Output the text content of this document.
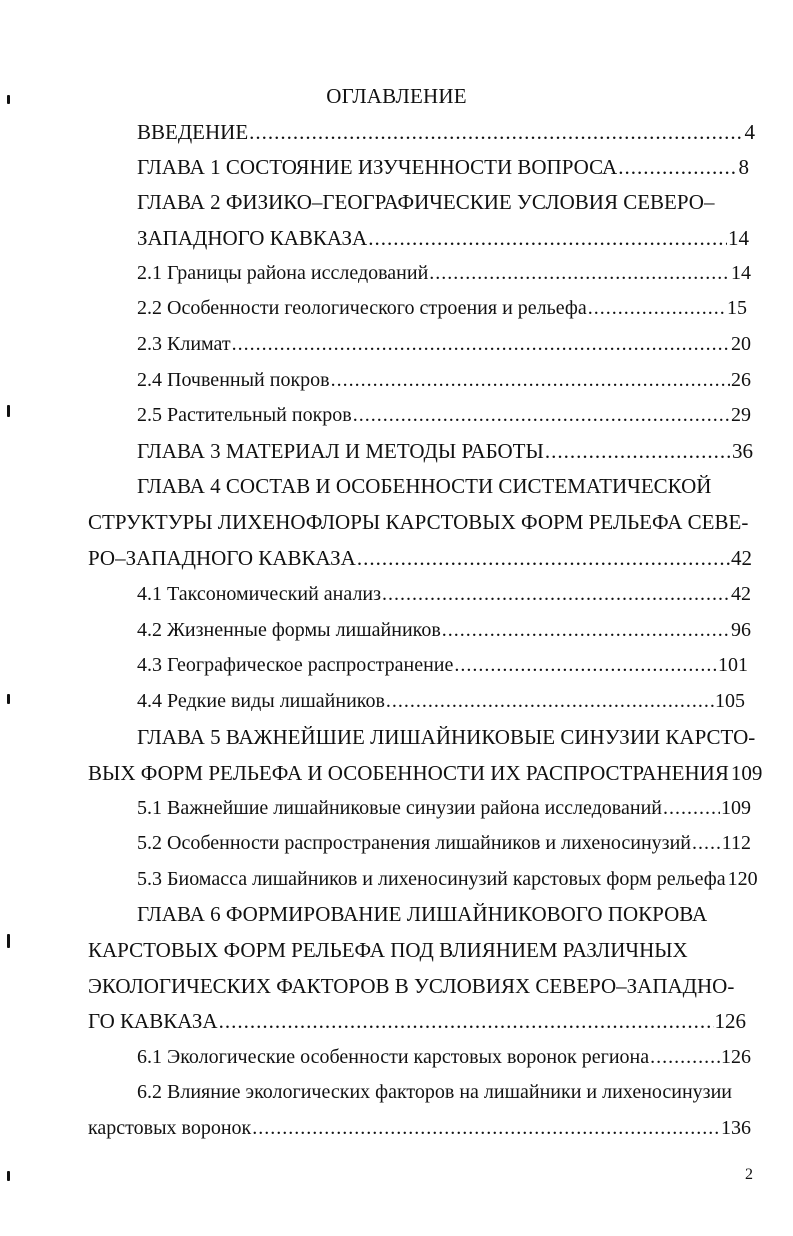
ОГЛАВЛЕНИЕ
ВВЕДЕНИЕ .....	4
ГЛАВА 1 СОСТОЯНИЕ ИЗУЧЕННОСТИ ВОПРОСА .....	8
ГЛАВА 2 ФИЗИКО–ГЕОГРАФИЧЕСКИЕ УСЛОВИЯ СЕВЕРО–
ЗАПАДНОГО КАВКАЗА .....	14
2.1 Границы района исследований .....	14
2.2 Особенности геологического строения и рельефа .....	15
2.3 Климат .....	20
2.4 Почвенный покров .....	26
2.5 Растительный покров .....	29
ГЛАВА 3 МАТЕРИАЛ И МЕТОДЫ РАБОТЫ .....	36
ГЛАВА 4 СОСТАВ И ОСОБЕННОСТИ СИСТЕМАТИЧЕСКОЙ
СТРУКТУРЫ ЛИХЕНОФЛОРЫ КАРСТОВЫХ ФОРМ РЕЛЬЕФА СЕВЕ-
РО–ЗАПАДНОГО КАВКАЗА .....	42
4.1 Таксономический анализ .....	42
4.2 Жизненные формы лишайников .....	96
4.3 Географическое распространение .....	101
4.4 Редкие виды лишайников .....	105
ГЛАВА 5 ВАЖНЕЙШИЕ ЛИШАЙНИКОВЫЕ СИНУЗИИ КАРСТО-
ВЫХ ФОРМ РЕЛЬЕФА И ОСОБЕННОСТИ ИХ РАСПРОСТРАНЕНИЯ 109
5.1 Важнейшие лишайниковые синузии района исследований .....	109
5.2 Особенности распространения лишайников и лихеносинузий ..... 112
5.3 Биомасса лишайников и лихеносинузий карстовых форм рельефа 120
ГЛАВА 6 ФОРМИРОВАНИЕ ЛИШАЙНИКОВОГО ПОКРОВА
КАРСТОВЫХ ФОРМ РЕЛЬЕФА ПОД ВЛИЯНИЕМ РАЗЛИЧНЫХ
ЭКОЛОГИЧЕСКИХ ФАКТОРОВ В УСЛОВИЯХ СЕВЕРО–ЗАПАДНО-
ГО КАВКАЗА .....	126
6.1 Экологические особенности карстовых воронок региона .....	126
6.2 Влияние экологических факторов на лишайники и лихеносинузии
карстовых воронок .....	136
2
